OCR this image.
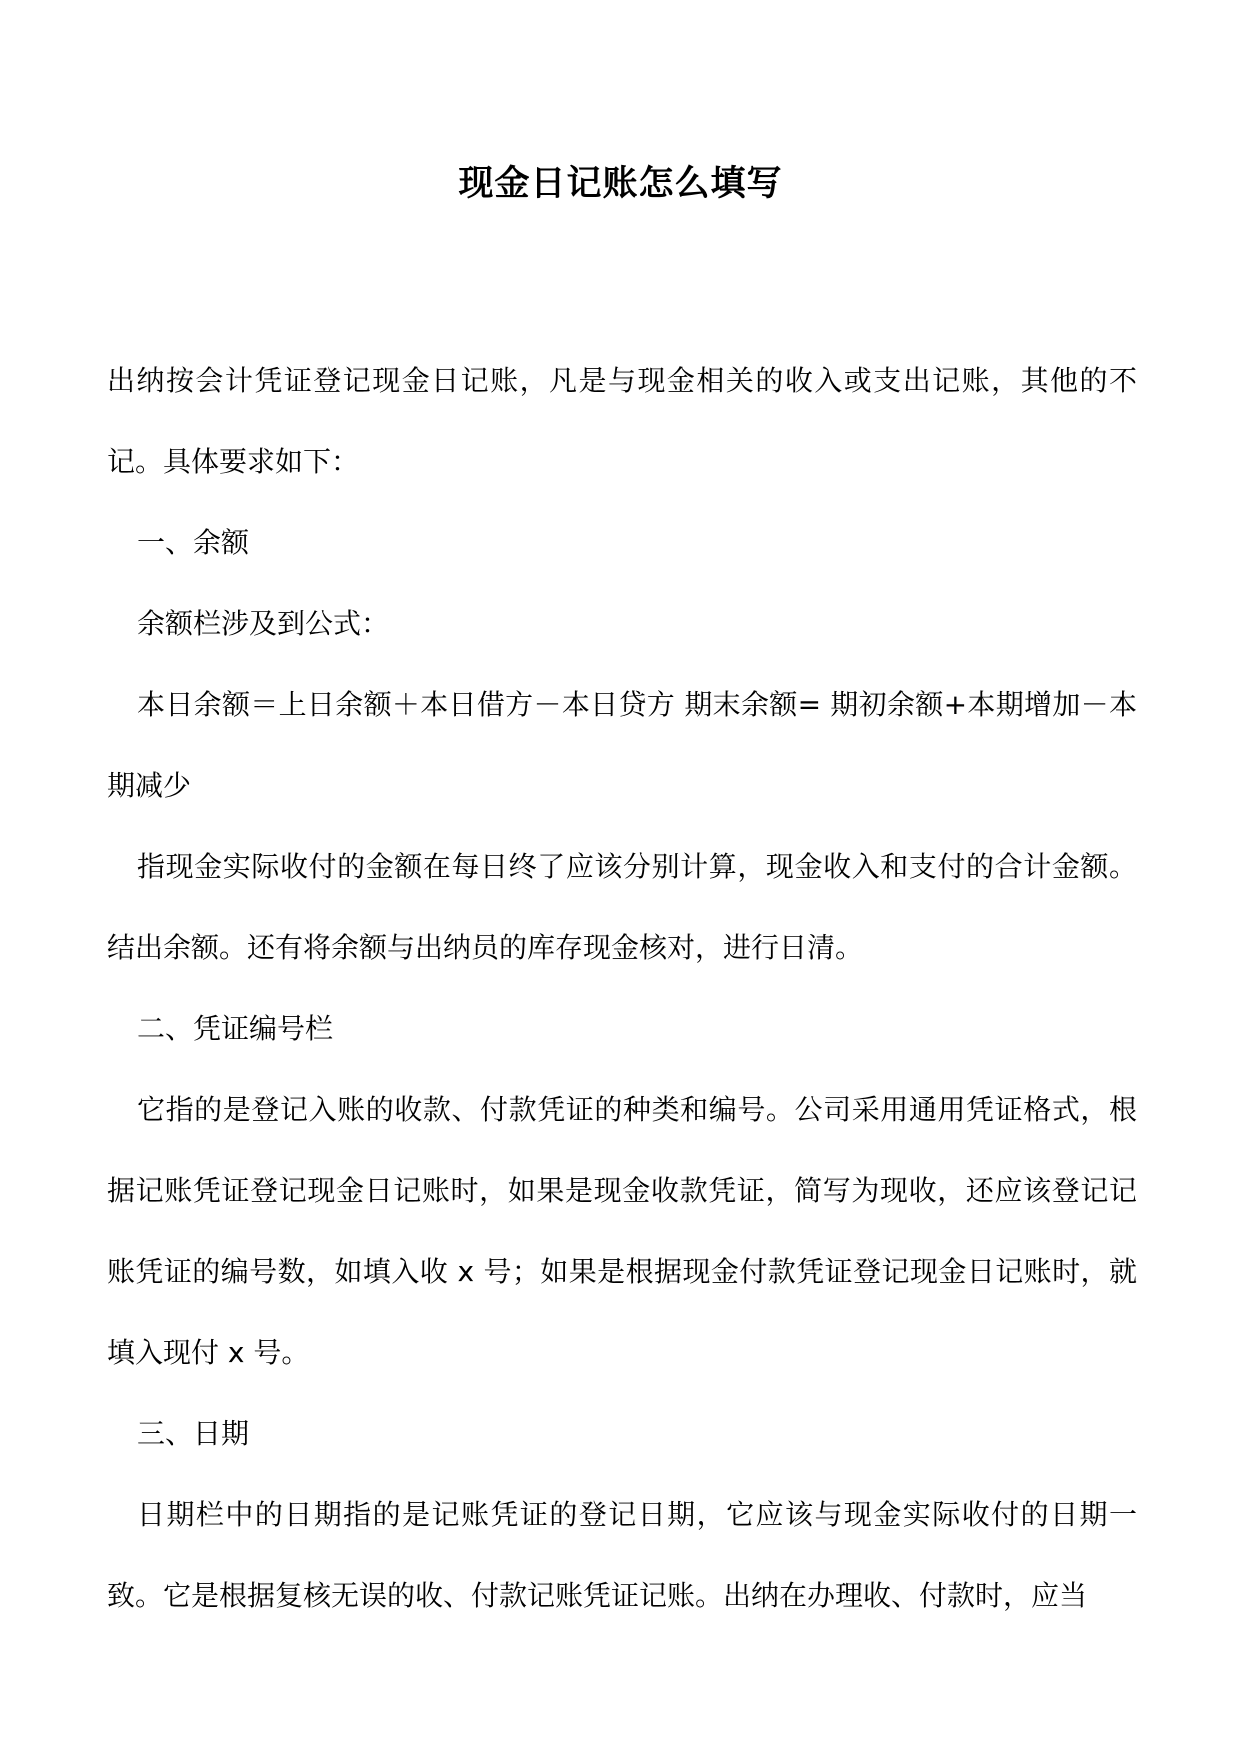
现金日记账怎么填写

出纳按会计凭证登记现金日记账，凡是与现金相关的收入或支出记账，其他的不记。具体要求如下：

一、余额

余额栏涉及到公式：

本日余额＝上日余额＋本日借方－本日贷方 期末余额= 期初余额+本期增加－本期减少

指现金实际收付的金额在每日终了应该分别计算，现金收入和支付的合计金额。结出余额。还有将余额与出纳员的库存现金核对，进行日清。

二、凭证编号栏

它指的是登记入账的收款、付款凭证的种类和编号。公司采用通用凭证格式，根据记账凭证登记现金日记账时，如果是现金收款凭证，简写为现收，还应该登记记账凭证的编号数，如填入收 x 号；如果是根据现金付款凭证登记现金日记账时，就填入现付 x 号。

三、日期

日期栏中的日期指的是记账凭证的登记日期，它应该与现金实际收付的日期一致。它是根据复核无误的收、付款记账凭证记账。出纳在办理收、付款时，应当
